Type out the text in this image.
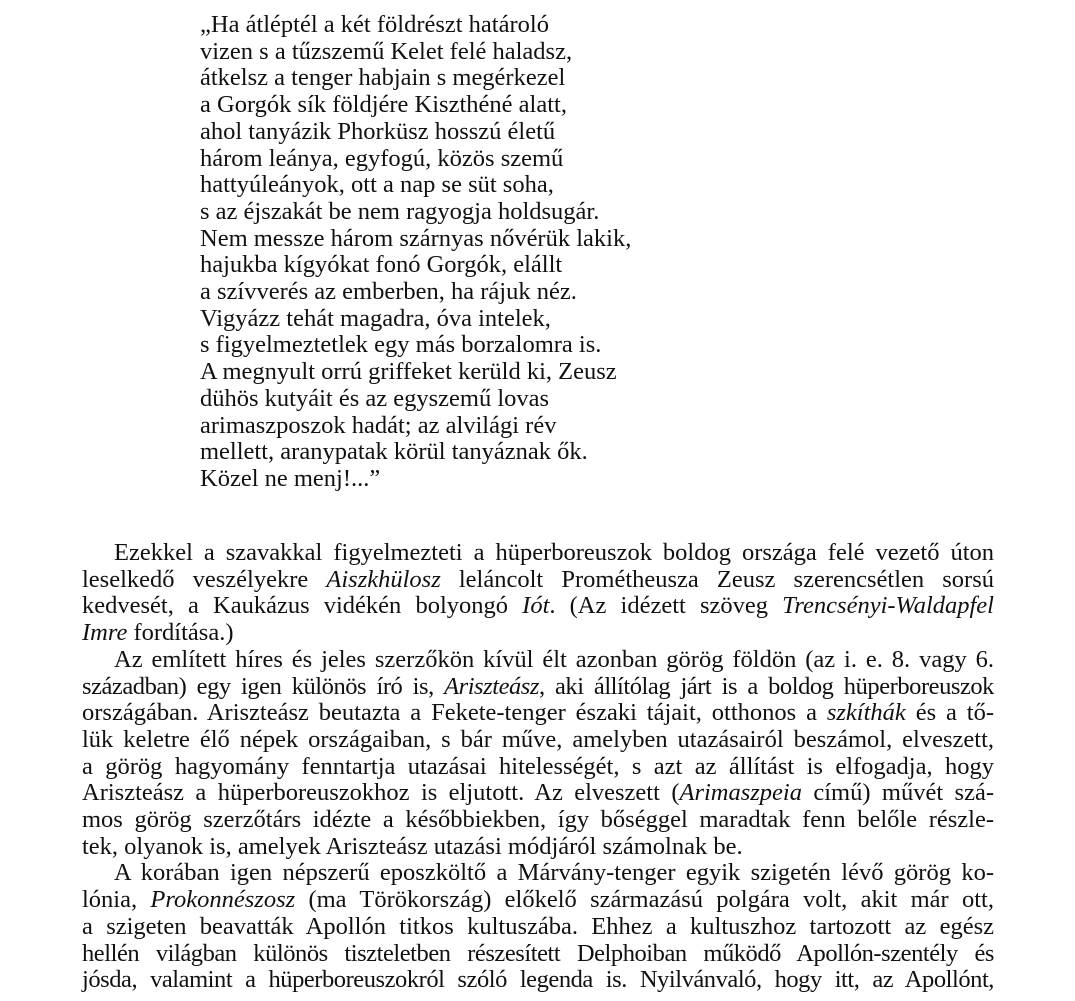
„Ha átléptél a két földrészt határoló
vizen s a tűzszemű Kelet felé haladsz,
átkelsz a tenger habjain s megérkezel
a Gorgók sík földjére Kiszthéné alatt,
ahol tanyázik Phorküsz hosszú életű
három leánya, egyfogú, közös szemű
hattyúleányok, ott a nap se süt soha,
s az éjszakát be nem ragyogja holdsugár.
Nem messze három szárnyas nővérük lakik,
hajukba kígyókat fonó Gorgók, elállt
a szívverés az emberben, ha rájuk néz.
Vigyázz tehát magadra, óva intelek,
s figyelmeztetlek egy más borzalomra is.
A megnyult orrú griffeket kerüld ki, Zeusz
dühös kutyáit és az egyszemű lovas
arimaszposzok hadát; az alvilági rév
mellett, aranypatak körül tanyáznak ők.
Közel ne menj!...”
Ezekkel a szavakkal figyelmezteti a hüperboreuszok boldog országa felé vezető úton
leselkedő veszélyekre Aiszkhülosz leláncolt Prométheusza Zeusz szerencsétlen sorsú
kedvesét, a Kaukázus vidékén bolyongó Iót. (Az idézett szöveg Trencsényi-Waldapfel
Imre fordítása.)
Az említett híres és jeles szerzőkön kívül élt azonban görög földön (az i. e. 8. vagy 6.
században) egy igen különös író is, Ariszteász, aki állítólag járt is a boldog hüperboreuszok
országában. Ariszteász beutazta a Fekete-tenger északi tájait, otthonos a szkíthák és a tő-
lük keletre élő népek országaiban, s bár műve, amelyben utazásairól beszámol, elveszett,
a görög hagyomány fenntartja utazásai hitelességét, s azt az állítást is elfogadja, hogy
Ariszteász a hüperboreuszokhoz is eljutott. Az elveszett (Arimaszpeia című) művét szá-
mos görög szerzőtárs idézte a későbbiekben, így bőséggel maradtak fenn belőle részle-
tek, olyanok is, amelyek Ariszteász utazási módjáról számolnak be.
A korában igen népszerű eposzköltő a Márvány-tenger egyik szigetén lévő görög ko-
lónia, Prokonnészosz (ma Törökország) előkelő származású polgára volt, akit már ott,
a szigeten beavatták Apollón titkos kultuszába. Ehhez a kultuszhoz tartozott az egész
hellén világban különös tiszteletben részesített Delphoiban működő Apollón-szentély és
jósda, valamint a hüperboreuszokról szóló legenda is. Nyilvánvaló, hogy itt, az Apollónt,
